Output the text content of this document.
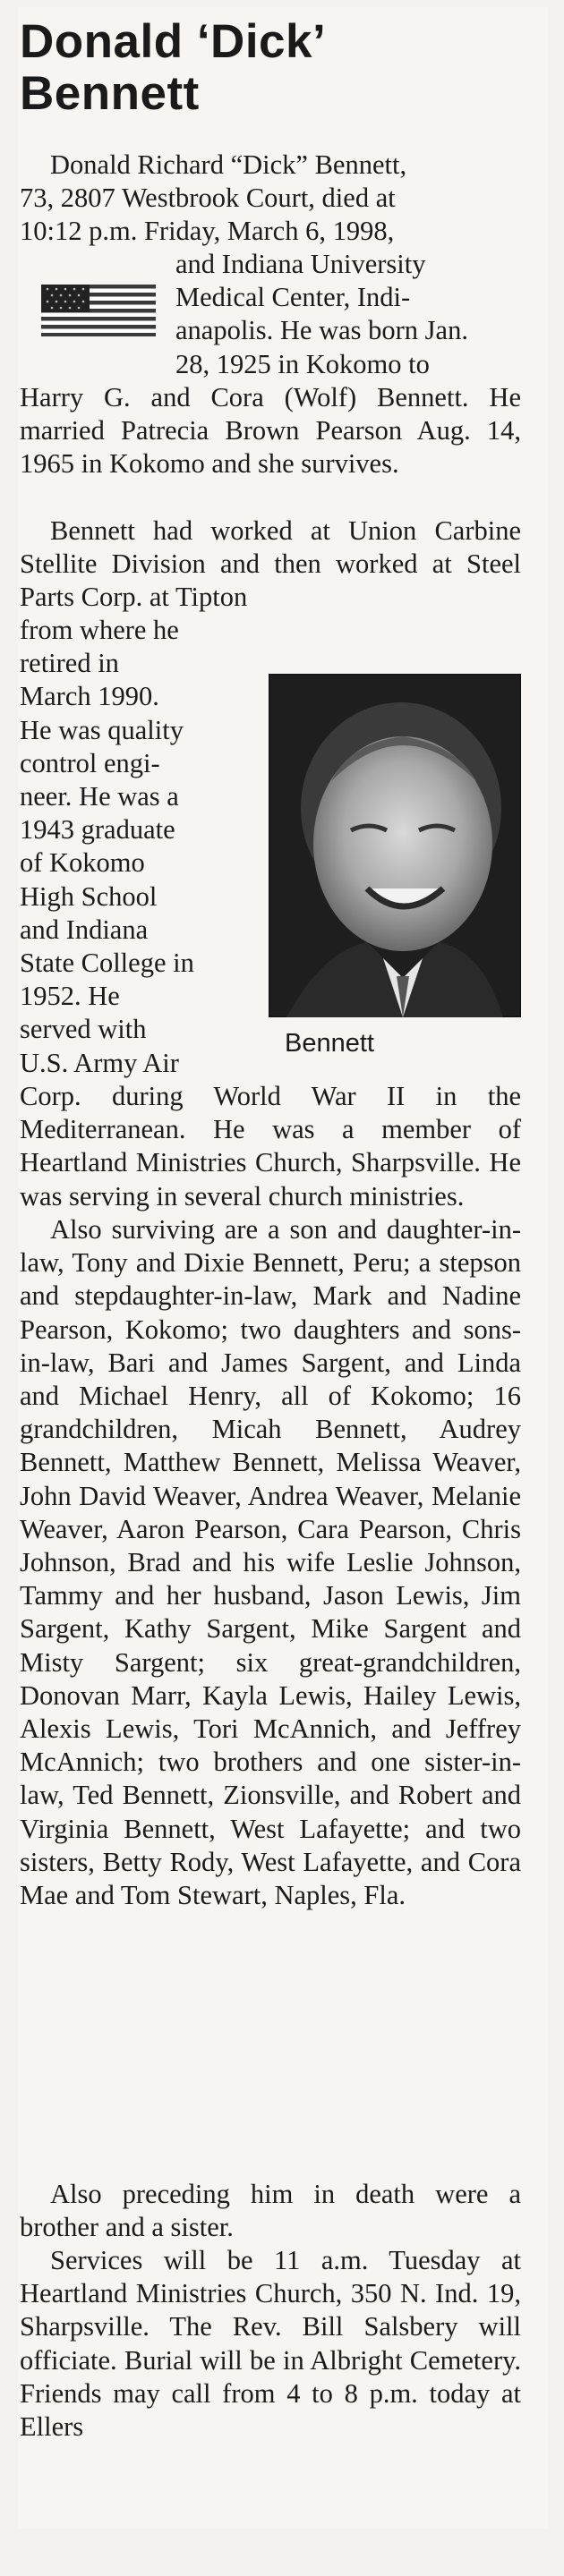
Donald ‘Dick’
Bennett
Donald Richard “Dick” Bennett,
73, 2807 Westbrook Court, died at
10:12 p.m. Friday, March 6, 1998,
and Indiana University
Medical Center, Indi-
anapolis. He was born Jan.
28, 1925 in Kokomo to

Harry G. and Cora (Wolf) Bennett. He married Patrecia Brown Pearson Aug. 14, 1965 in Kokomo and she survives.

Bennett had worked at Union Carbine Stellite Division and then worked at Steel Parts Corp. at Tipton

from where he
retired in
March 1990.
He was quality
control engi-
neer. He was a
1943 graduate
of Kokomo
High School
and Indiana
State College in
1952. He
served with
U.S. Army Air
Bennett

Corp. during World War II in the Mediterranean. He was a member of Heartland Ministries Church, Sharpsville. He was serving in several church ministries.

Also surviving are a son and daughter-in-law, Tony and Dixie Bennett, Peru; a stepson and stepdaughter-in-law, Mark and Nadine Pearson, Kokomo; two daughters and sons-in-law, Bari and James Sargent, and Linda and Michael Henry, all of Kokomo; 16 grandchildren, Micah Bennett, Audrey Bennett, Matthew Bennett, Melissa Weaver, John David Weaver, Andrea Weaver, Melanie Weaver, Aaron Pearson, Cara Pearson, Chris Johnson, Brad and his wife Leslie Johnson, Tammy and her husband, Jason Lewis, Jim Sargent, Kathy Sargent, Mike Sargent and Misty Sargent; six great-grandchildren, Donovan Marr, Kayla Lewis, Hailey Lewis, Alexis Lewis, Tori McAnnich, and Jeffrey McAnnich; two brothers and one sister-in-law, Ted Bennett, Zionsville, and Robert and Virginia Bennett, West Lafayette; and two sisters, Betty Rody, West Lafayette, and Cora Mae and Tom Stewart, Naples, Fla.

Also preceding him in death were a brother and a sister.

Services will be 11 a.m. Tuesday at Heartland Ministries Church, 350 N. Ind. 19, Sharpsville. The Rev. Bill Salsbery will officiate. Burial will be in Albright Cemetery. Friends may call from 4 to 8 p.m. today at Ellers
